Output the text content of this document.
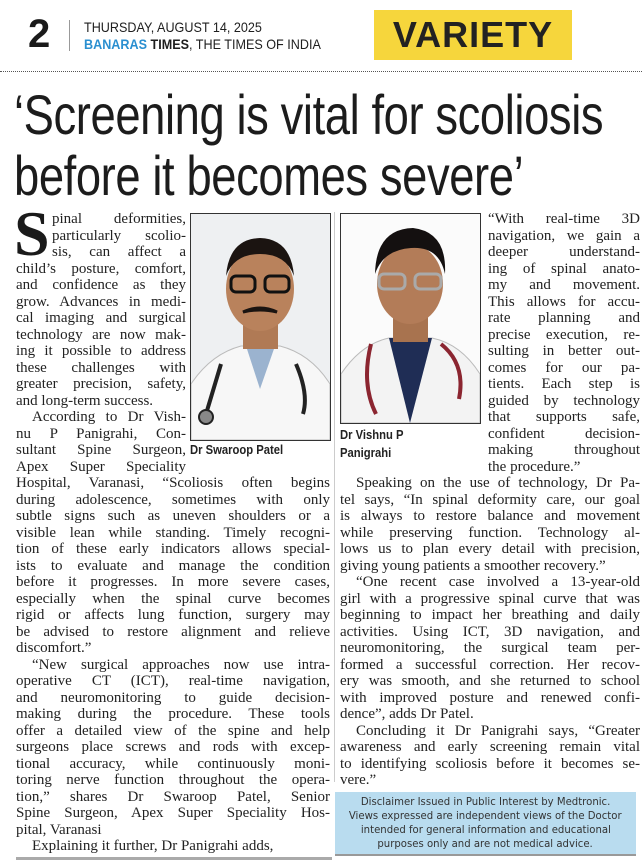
2 THURSDAY, AUGUST 14, 2025
BANARAS TIMES, THE TIMES OF INDIA VARIETY
‘Screening is vital for scoliosis
before it becomes severe’
S pinal deformities,
particularly scolio-
sis, can affect a
child’s posture, comfort,
and confidence as they
grow. Advances in medi-
cal imaging and surgical
technology are now mak-
ing it possible to address
these challenges with
greater precision, safety,
and long-term success.
According to Dr Vish-
nu P Panigrahi, Con-
sultant Spine Surgeon,
Apex Super Speciality
Hospital, Varanasi, “Scoliosis often begins
during adolescence, sometimes with only
subtle signs such as uneven shoulders or a
visible lean while standing. Timely recogni-
tion of these early indicators allows special-
ists to evaluate and manage the condition
before it progresses. In more severe cases,
especially when the spinal curve becomes
rigid or affects lung function, surgery may
be advised to restore alignment and relieve
discomfort.”
“New surgical approaches now use intra-
operative CT (ICT), real-time navigation,
and neuromonitoring to guide decision-
making during the procedure. These tools
offer a detailed view of the spine and help
surgeons place screws and rods with excep-
tional accuracy, while continuously moni-
toring nerve function throughout the opera-
tion,” shares Dr Swaroop Patel, Senior
Spine Surgeon, Apex Super Speciality Hos-
pital, Varanasi
Explaining it further, Dr Panigrahi adds,
“With real-time 3D
navigation, we gain a
deeper understand-
ing of spinal anato-
my and movement.
This allows for accu-
rate planning and
precise execution, re-
sulting in better out-
comes for our pa-
tients. Each step is
guided by technology
that supports safe,
confident decision-
making throughout
the procedure.”
Speaking on the use of technology, Dr Pa-
tel says, “In spinal deformity care, our goal
is always to restore balance and movement
while preserving function. Technology al-
lows us to plan every detail with precision,
giving young patients a smoother recovery.”
“One recent case involved a 13-year-old
girl with a progressive spinal curve that was
beginning to impact her breathing and daily
activities. Using ICT, 3D navigation, and
neuromonitoring, the surgical team per-
formed a successful correction. Her recov-
ery was smooth, and she returned to school
with improved posture and renewed confi-
dence”, adds Dr Patel.
Concluding it Dr Panigrahi says, “Greater
awareness and early screening remain vital
to identifying scoliosis before it becomes se-
vere.”
Dr Swaroop Patel
Dr Vishnu P
Panigrahi
Disclaimer Issued in Public Interest by Medtronic.
Views expressed are independent views of the Doctor
intended for general information and educational
purposes only and are not medical advice.
